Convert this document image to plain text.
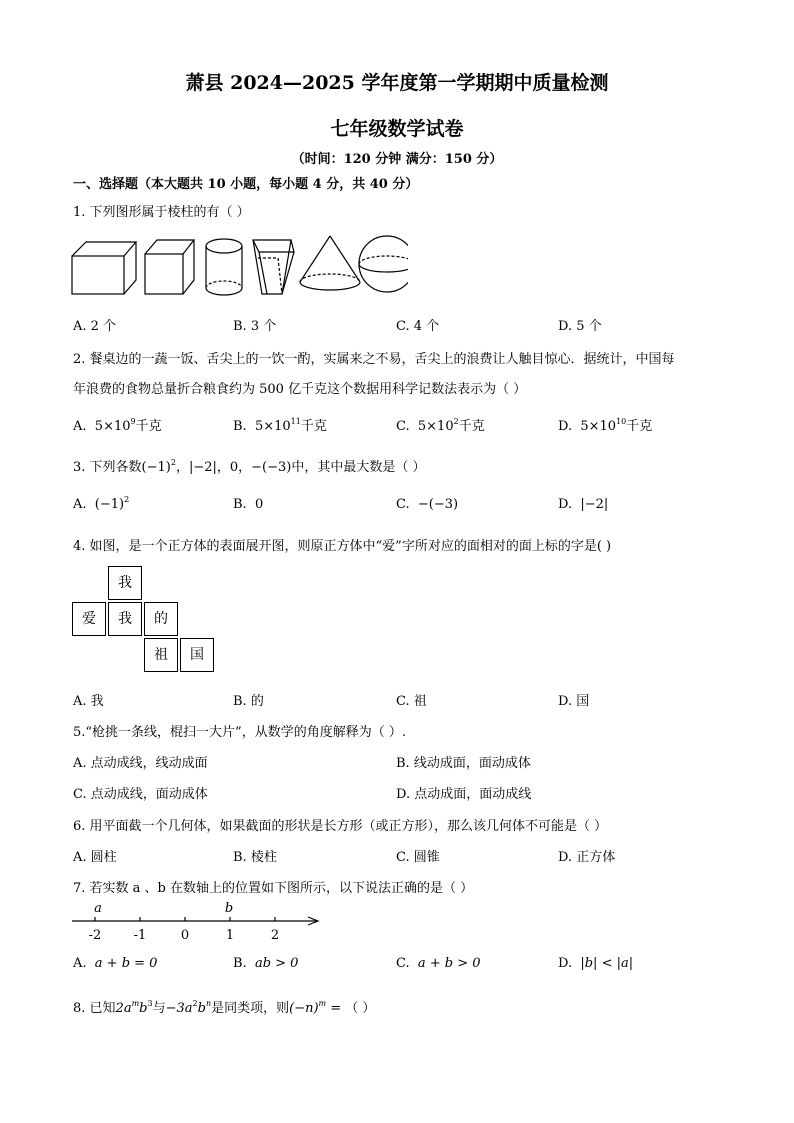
萧县 2024—2025 学年度第一学期期中质量检测
七年级数学试卷
（时间：120 分钟 满分：150 分）
一、选择题（本大题共 10 小题，每小题 4 分，共 40 分）
1. 下列图形属于棱柱的有（ ）
A. 2 个	B. 3 个	C. 4 个	D. 5 个
2. 餐桌边的一蔬一饭、舌尖上的一饮一酌，实属来之不易，舌尖上的浪费让人触目惊心．据统计，中国每
年浪费的食物总量折合粮食约为 500 亿千克这个数据用科学记数法表示为（ ）
A. $5\times 10^9$千克	B. $5\times 10^{11}$千克	C. $5\times 10^2$千克	D. $5\times 10^{10}$千克
3. 下列各数$(-1)^2$，|−2|，0，−(−3)中，其中最大数是（ ）
A. $(-1)^2$	B. 0	C. −(−3)	D. |−2|
4. 如图，是一个正方体的表面展开图，则原正方体中“爱”字所对应的面相对的面上标的字是( )
我
爱	我	的
祖	国
A. 我	B. 的	C. 祖	D. 国
5.“枪挑一条线，棍扫一大片”，从数学的角度解释为（ ）.
A. 点动成线，线动成面	B. 线动成面，面动成体
C. 点动成线，面动成体	D. 点动成面，面动成线
6. 用平面截一个几何体，如果截面的形状是长方形（或正方形），那么该几何体不可能是（ ）
A. 圆柱	B. 棱柱	C. 圆锥	D. 正方体
7. 若实数 a 、b 在数轴上的位置如下图所示，以下说法正确的是（ ）
-2 -1	0	1	2
a	b
A. a + b = 0	B. ab > 0	C. a + b > 0	D. |b| < |a|
8. 已知$2a^mb^3$与$-3a^2b^n$是同类项，则$(-n)^m$ = （ ）
